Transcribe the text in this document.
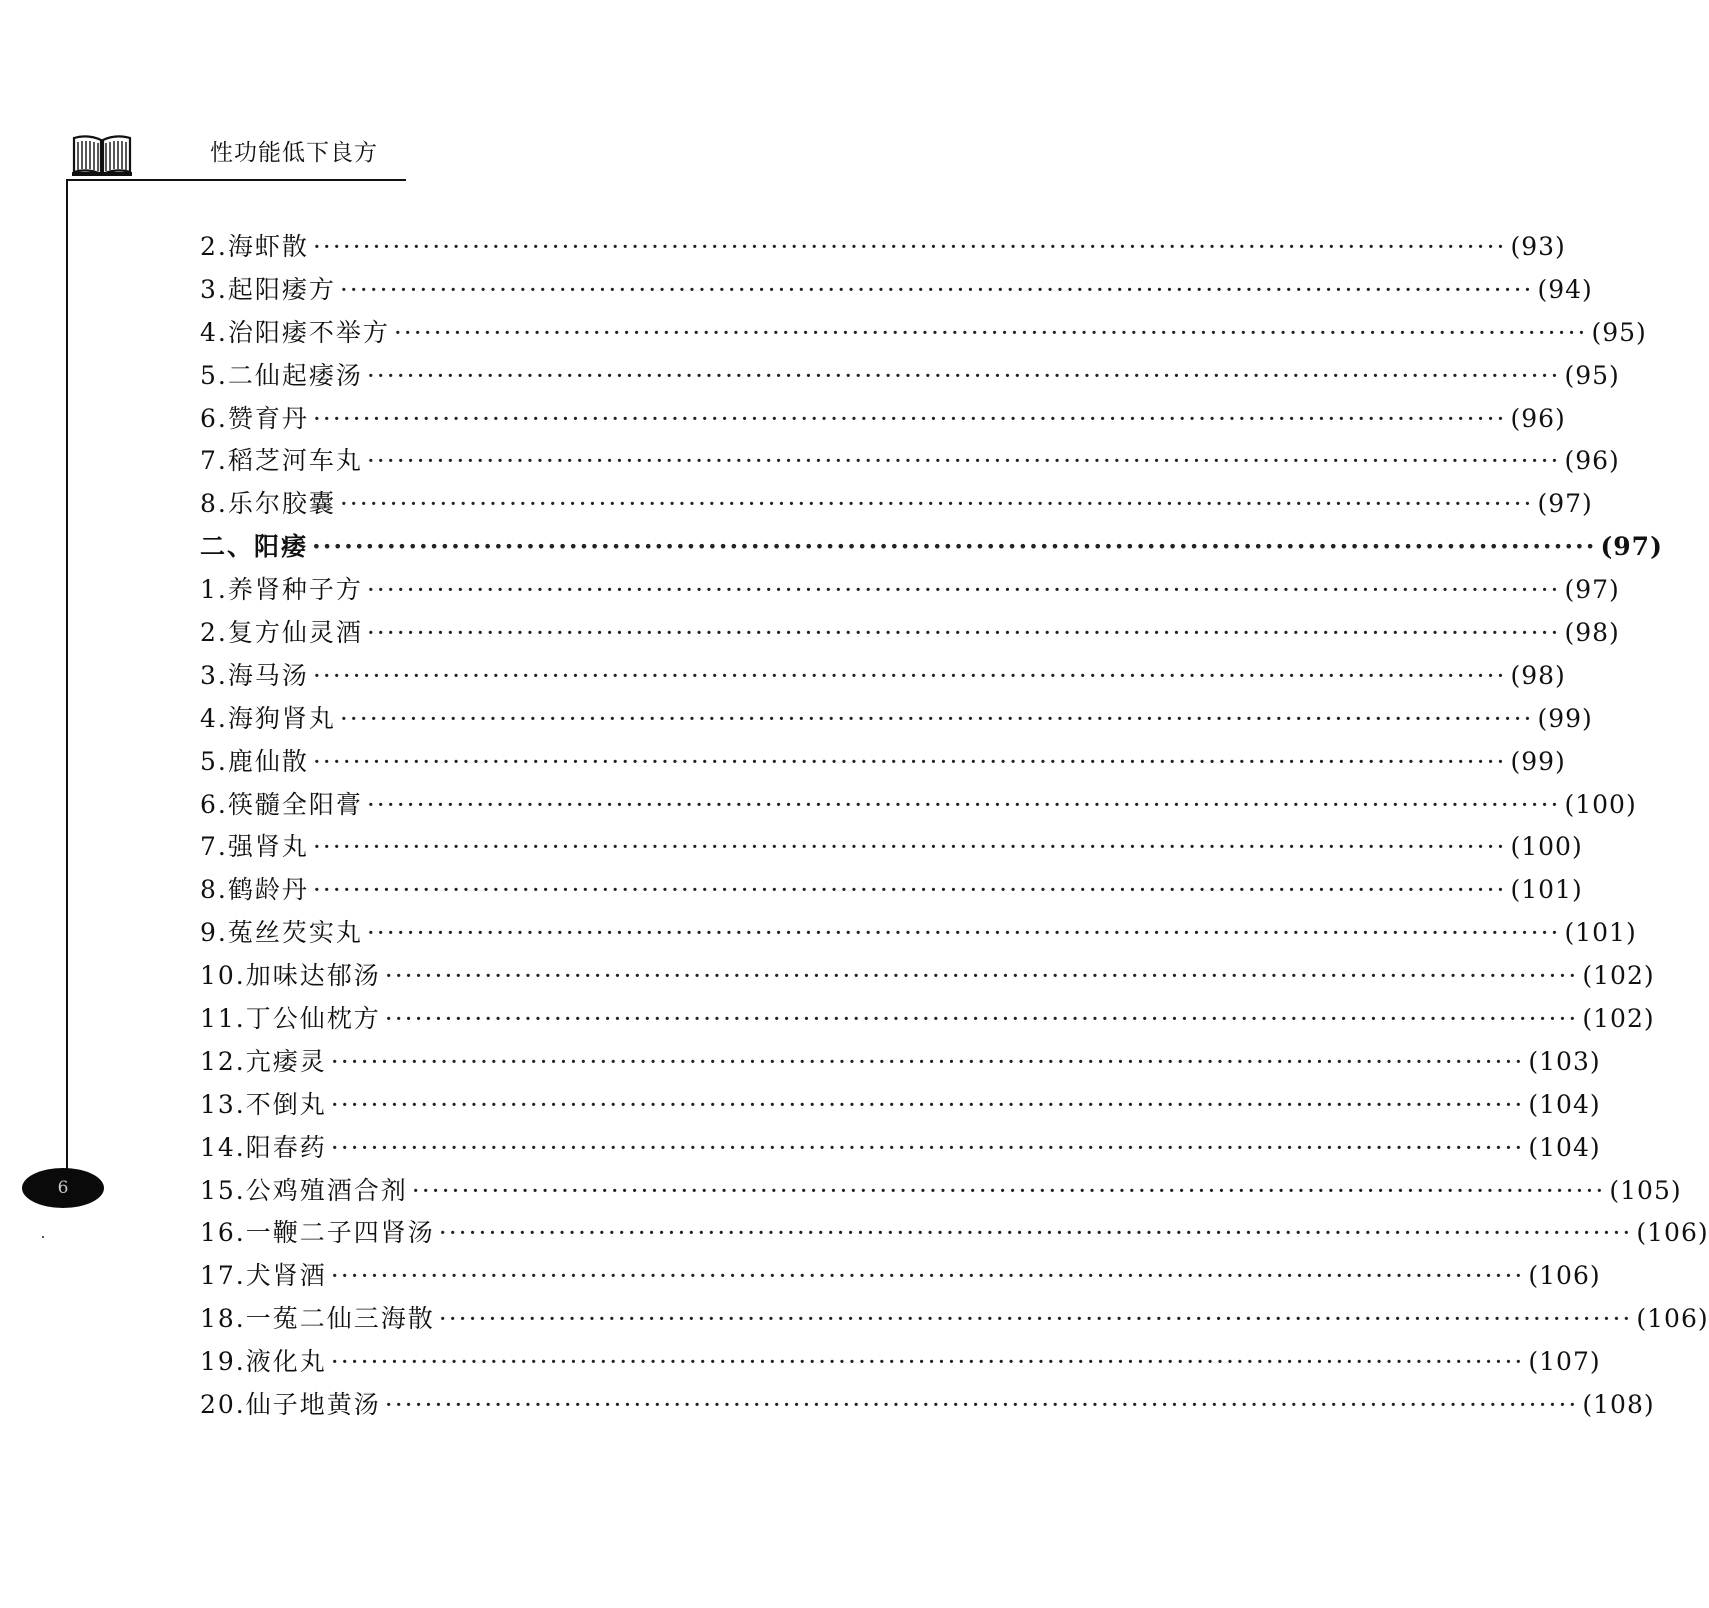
性功能低下良方
2.海虾散 ························································································································ (93)
3.起阳痿方 ························································································································ (94)
4.治阳痿不举方 ························································································································ (95)
5.二仙起痿汤 ························································································································ (95)
6.赞育丹 ························································································································ (96)
7.稻芝河车丸 ························································································································ (96)
8.乐尔胶囊 ························································································································ (97)
二、阳痿 ························································································································ (97)
1.养肾种子方 ························································································································ (97)
2.复方仙灵酒 ························································································································ (98)
3.海马汤 ························································································································ (98)
4.海狗肾丸 ························································································································ (99)
5.鹿仙散 ························································································································ (99)
6.筷髓全阳膏 ························································································································ (100)
7.强肾丸 ························································································································ (100)
8.鹤龄丹 ························································································································ (101)
9.菟丝芡实丸 ························································································································ (101)
10.加味达郁汤 ························································································································ (102)
11.丁公仙枕方 ························································································································ (102)
12.亢痿灵 ························································································································ (103)
13.不倒丸 ························································································································ (104)
14.阳春药 ························································································································ (104)
15.公鸡殖酒合剂 ························································································································ (105)
16.一鞭二子四肾汤 ························································································································ (106)
17.犬肾酒 ························································································································ (106)
18.一菟二仙三海散 ························································································································ (106)
19.液化丸 ························································································································ (107)
20.仙子地黄汤 ························································································································ (108)
6
